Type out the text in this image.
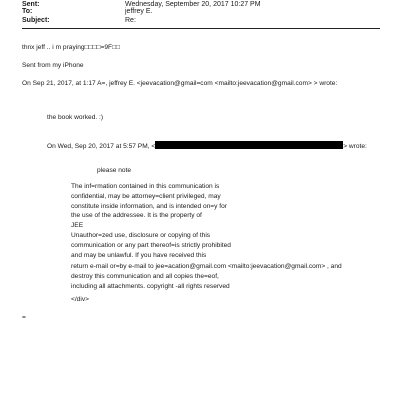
Sent:	Wednesday, September 20, 2017 10:27 PM
To:	jeffrey E.
Subject:	Re:
thnx jeff .. i m praying□□□□=9F□□
Sent from my iPhone
On Sep 21, 2017, at 1:17 A=, jeffrey E. <jeevacation@gmail=com <mailto:jeevacation@gmail.com> > wrote:
the book worked. :)
On Wed, Sep 20, 2017 at 5:57 PM, <	> wrote:
please note
The inf=rmation contained in this communication is
confidential, may be attorney=client privileged, may
constitute inside information, and is intended on=y for
the use of the addressee. It is the property of
JEE
Unauthor=zed use, disclosure or copying of this
communication or any part thereof=is strictly prohibited
and may be unlawful. If you have received this
return e-mail or=by e-mail to jee=acation@gmail.com <mailto:jeevacation@gmail.com> , and
destroy this communication and all copies the=eof,
including all attachments. copyright -all rights reserved
</div>
=
